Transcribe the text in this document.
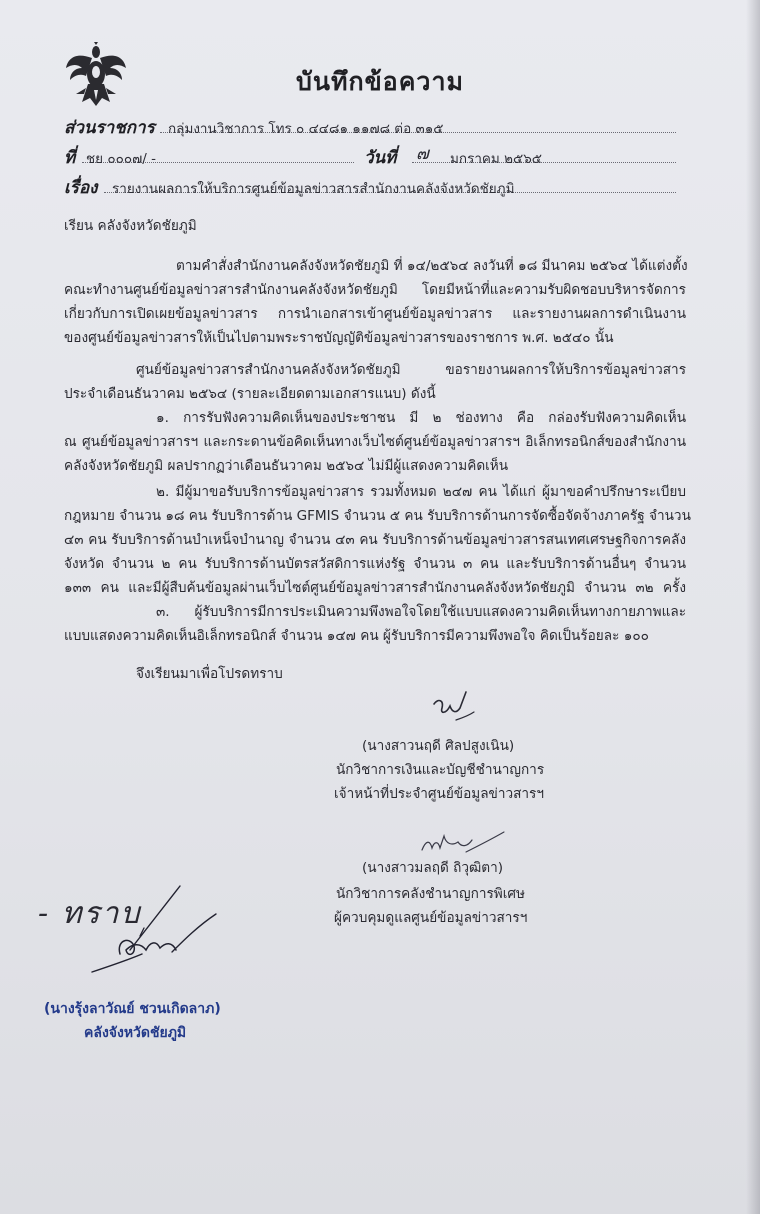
บันทึกข้อความ
ส่วนราชการ กลุ่มงานวิชาการ โทร ๐ ๔๔๘๑ ๑๑๗๘ ต่อ ๓๑๕
ที่ ชย ๐๐๐๗/ -	วันที่ ๗ มกราคม ๒๕๖๕
เรื่อง รายงานผลการให้บริการศูนย์ข้อมูลข่าวสารสำนักงานคลังจังหวัดชัยภูมิ
เรียน คลังจังหวัดชัยภูมิ
ตามคำสั่งสำนักงานคลังจังหวัดชัยภูมิ ที่ ๑๔/๒๕๖๔ ลงวันที่ ๑๘ มีนาคม ๒๕๖๔ ได้แต่งตั้ง
คณะทำงานศูนย์ข้อมูลข่าวสารสำนักงานคลังจังหวัดชัยภูมิ โดยมีหน้าที่และความรับผิดชอบบริหารจัดการ
เกี่ยวกับการเปิดเผยข้อมูลข่าวสาร การนำเอกสารเข้าศูนย์ข้อมูลข่าวสาร และรายงานผลการดำเนินงาน
ของศูนย์ข้อมูลข่าวสารให้เป็นไปตามพระราชบัญญัติข้อมูลข่าวสารของราชการ พ.ศ. ๒๕๔๐ นั้น
ศูนย์ข้อมูลข่าวสารสำนักงานคลังจังหวัดชัยภูมิ ขอรายงานผลการให้บริการข้อมูลข่าวสาร
ประจำเดือนธันวาคม ๒๕๖๔ (รายละเอียดตามเอกสารแนบ) ดังนี้
๑. การรับฟังความคิดเห็นของประชาชน มี ๒ ช่องทาง คือ กล่องรับฟังความคิดเห็น
ณ ศูนย์ข้อมูลข่าวสารฯ และกระดานข้อคิดเห็นทางเว็บไซต์ศูนย์ข้อมูลข่าวสารฯ อิเล็กทรอนิกส์ของสำนักงาน
คลังจังหวัดชัยภูมิ ผลปรากฏว่าเดือนธันวาคม ๒๕๖๔ ไม่มีผู้แสดงความคิดเห็น
๒. มีผู้มาขอรับบริการข้อมูลข่าวสาร รวมทั้งหมด ๒๔๗ คน ได้แก่ ผู้มาขอคำปรึกษาระเบียบ
กฎหมาย จำนวน ๑๘ คน รับบริการด้าน GFMIS จำนวน ๕ คน รับบริการด้านการจัดซื้อจัดจ้างภาครัฐ จำนวน
๔๓ คน รับบริการด้านบำเหน็จบำนาญ จำนวน ๔๓ คน รับบริการด้านข้อมูลข่าวสารสนเทศเศรษฐกิจการคลัง
จังหวัด จำนวน ๒ คน รับบริการด้านบัตรสวัสดิการแห่งรัฐ จำนวน ๓ คน และรับบริการด้านอื่นๆ จำนวน
๑๓๓ คน และมีผู้สืบค้นข้อมูลผ่านเว็บไซต์ศูนย์ข้อมูลข่าวสารสำนักงานคลังจังหวัดชัยภูมิ จำนวน ๓๒ ครั้ง
๓. ผู้รับบริการมีการประเมินความพึงพอใจโดยใช้แบบแสดงความคิดเห็นทางกายภาพและ
แบบแสดงความคิดเห็นอิเล็กทรอนิกส์ จำนวน ๑๔๗ คน ผู้รับบริการมีความพึงพอใจ คิดเป็นร้อยละ ๑๐๐
จึงเรียนมาเพื่อโปรดทราบ
(นางสาวนฤดี ศิลปสูงเนิน)
นักวิชาการเงินและบัญชีชำนาญการ
เจ้าหน้าที่ประจำศูนย์ข้อมูลข่าวสารฯ
(นางสาวมลฤดี ถิวุฒิตา)
นักวิชาการคลังชำนาญการพิเศษ
ผู้ควบคุมดูแลศูนย์ข้อมูลข่าวสารฯ
- ทราบ
(นางรุ้งลาวัณย์ ชวนเกิดลาภ)
คลังจังหวัดชัยภูมิ
